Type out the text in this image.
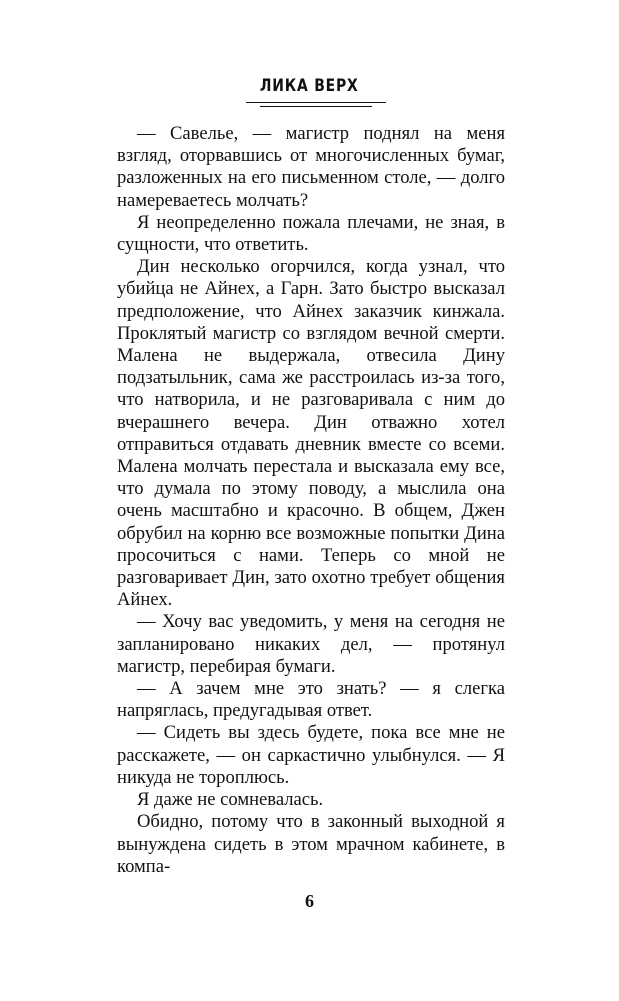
ЛИКА ВЕРХ

— Савелье, — магистр поднял на меня взгляд, оторвавшись от многочисленных бумаг, разложенных на его письменном столе, — долго намереваетесь молчать?

Я неопределенно пожала плечами, не зная, в сущности, что ответить.

Дин несколько огорчился, когда узнал, что убийца не Айнех, а Гарн. Зато быстро высказал предположение, что Айнех заказчик кинжала. Проклятый магистр со взглядом вечной смерти. Малена не выдержала, отвесила Дину подзатыльник, сама же расстроилась из-за того, что натворила, и не разговаривала с ним до вчерашнего вечера. Дин отважно хотел отправиться отдавать дневник вместе со всеми. Малена молчать перестала и высказала ему все, что думала по этому поводу, а мыслила она очень масштабно и красочно. В общем, Джен обрубил на корню все возможные попытки Дина просочиться с нами. Теперь со мной не разговаривает Дин, зато охотно требует общения Айнех.

— Хочу вас уведомить, у меня на сегодня не запланировано никаких дел, — протянул магистр, перебирая бумаги.

— А зачем мне это знать? — я слегка напряглась, предугадывая ответ.

— Сидеть вы здесь будете, пока все мне не расскажете, — он саркастично улыбнулся. — Я никуда не тороплюсь.

Я даже не сомневалась.

Обидно, потому что в законный выходной я вынуждена сидеть в этом мрачном кабинете, в компа-

6
